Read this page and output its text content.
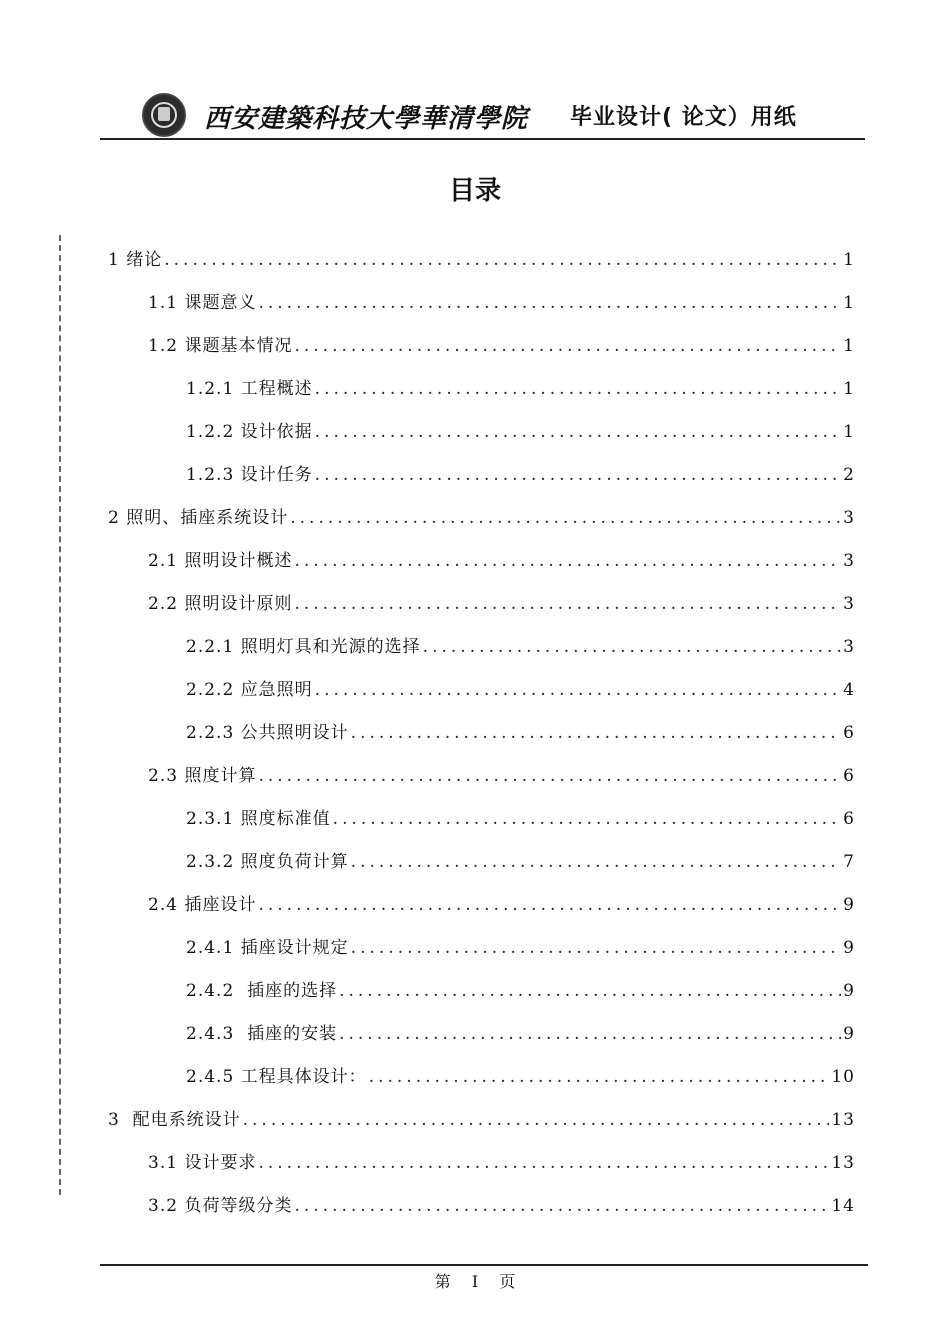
西安建築科技大學華清學院 毕业设计( 论文）用纸
目录
1 绪论 .....	1
1.1 课题意义 .....	1
1.2 课题基本情况 .....	1
1.2.1 工程概述 .....	1
1.2.2 设计依据 .....	1
1.2.3 设计任务 .....	2
2 照明、插座系统设计 .....	3
2.1 照明设计概述 .....	3
2.2 照明设计原则 .....	3
2.2.1 照明灯具和光源的选择 .....	3
2.2.2 应急照明 .....	4
2.2.3 公共照明设计 .....	6
2.3 照度计算 .....	6
2.3.1 照度标准值 .....	6
2.3.2 照度负荷计算 .....	7
2.4 插座设计 .....	9
2.4.1 插座设计规定 .....	9
2.4.2  插座的选择 .....	9
2.4.3  插座的安装 .....	9
2.4.5 工程具体设计： .....	10
3  配电系统设计 .....	13
3.1 设计要求 .....	13
3.2 负荷等级分类 .....	14
第 I 页
